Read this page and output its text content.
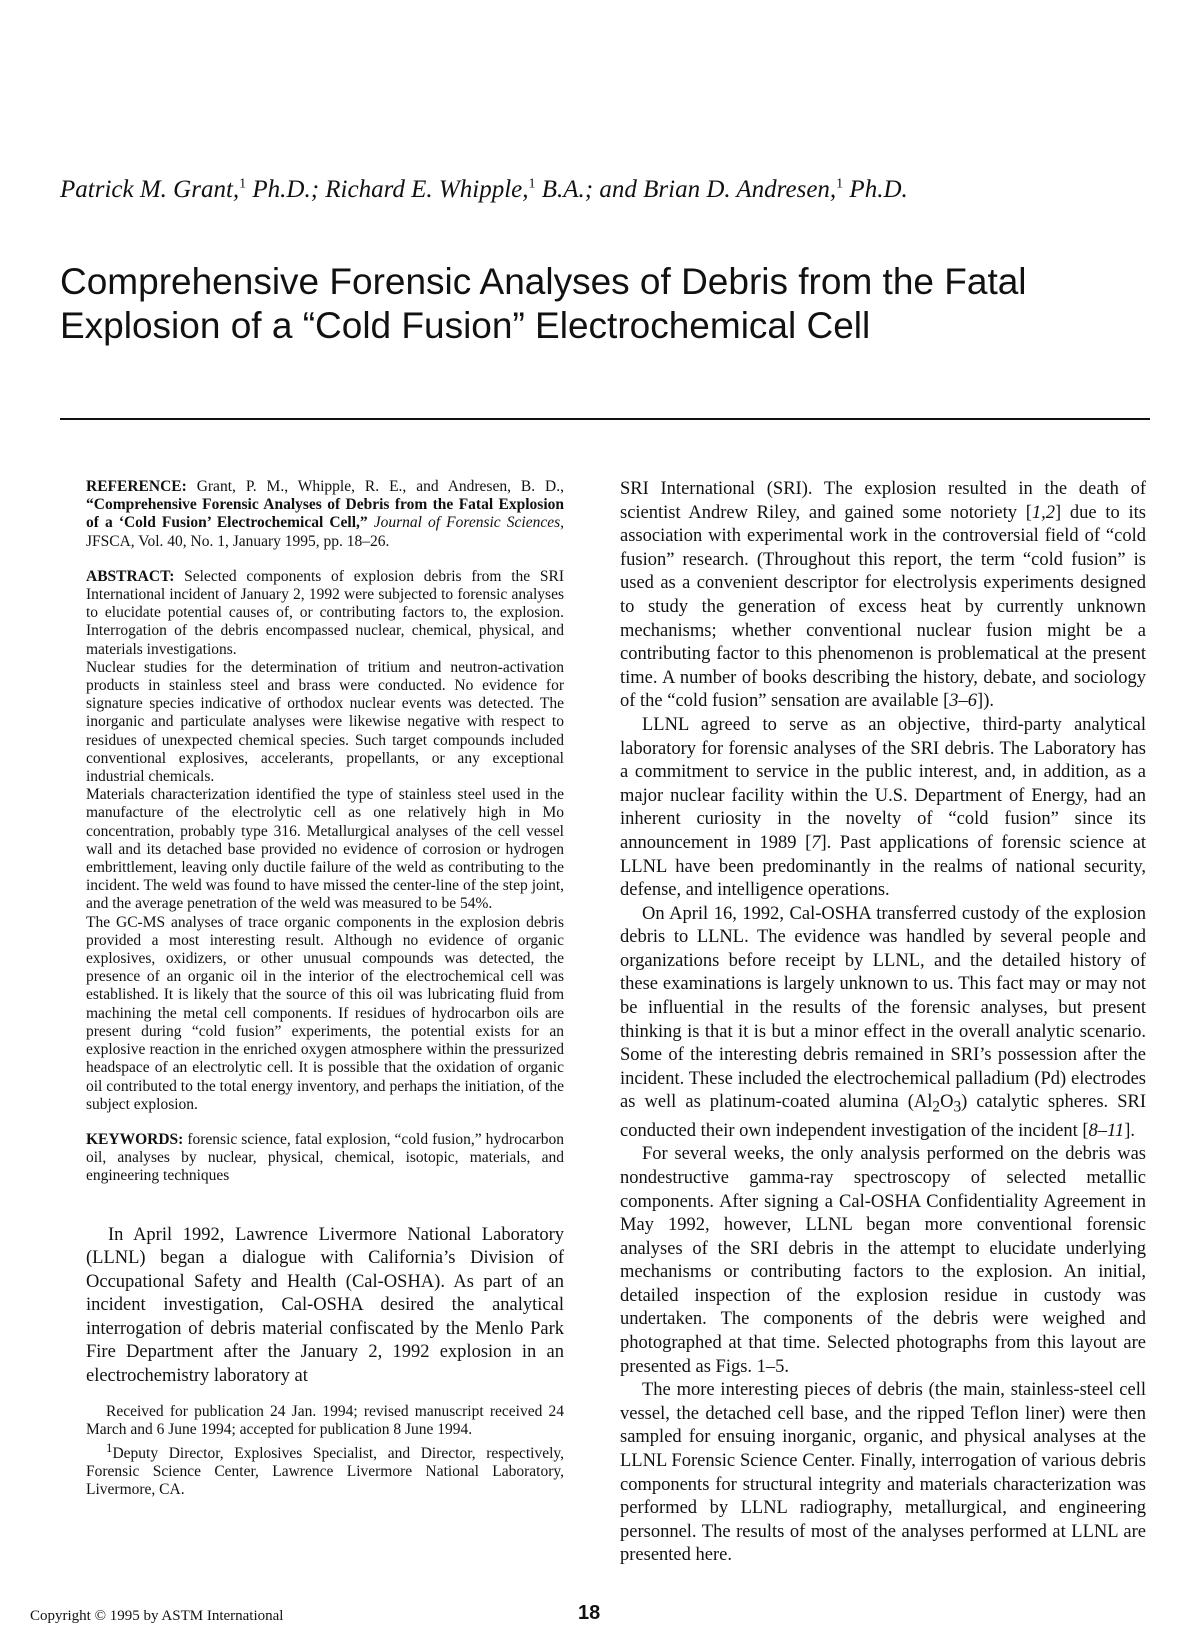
Patrick M. Grant,$^1$ Ph.D.; Richard E. Whipple,$^1$ B.A.; and Brian D. Andresen,$^1$ Ph.D.
Comprehensive Forensic Analyses of Debris from the Fatal Explosion of a “Cold Fusion” Electrochemical Cell

REFERENCE: Grant, P. M., Whipple, R. E., and Andresen, B. D., “Comprehensive Forensic Analyses of Debris from the Fatal Explosion of a ‘Cold Fusion’ Electrochemical Cell,” Journal of Forensic Sciences, JFSCA, Vol. 40, No. 1, January 1995, pp. 18–26.

ABSTRACT: Selected components of explosion debris from the SRI International incident of January 2, 1992 were subjected to forensic analyses to elucidate potential causes of, or contributing factors to, the explosion. Interrogation of the debris encompassed nuclear, chemical, physical, and materials investigations.

Nuclear studies for the determination of tritium and neutron-activation products in stainless steel and brass were conducted. No evidence for signature species indicative of orthodox nuclear events was detected. The inorganic and particulate analyses were likewise negative with respect to residues of unexpected chemical species. Such target compounds included conventional explosives, accelerants, propellants, or any exceptional industrial chemicals.

Materials characterization identified the type of stainless steel used in the manufacture of the electrolytic cell as one relatively high in Mo concentration, probably type 316. Metallurgical analyses of the cell vessel wall and its detached base provided no evidence of corrosion or hydrogen embrittlement, leaving only ductile failure of the weld as contributing to the incident. The weld was found to have missed the center-line of the step joint, and the average penetration of the weld was measured to be 54%.

The GC-MS analyses of trace organic components in the explosion debris provided a most interesting result. Although no evidence of organic explosives, oxidizers, or other unusual compounds was detected, the presence of an organic oil in the interior of the electrochemical cell was established. It is likely that the source of this oil was lubricating fluid from machining the metal cell components. If residues of hydrocarbon oils are present during “cold fusion” experiments, the potential exists for an explosive reaction in the enriched oxygen atmosphere within the pressurized headspace of an electrolytic cell. It is possible that the oxidation of organic oil contributed to the total energy inventory, and perhaps the initiation, of the subject explosion.

KEYWORDS: forensic science, fatal explosion, “cold fusion,” hydrocarbon oil, analyses by nuclear, physical, chemical, isotopic, materials, and engineering techniques

In April 1992, Lawrence Livermore National Laboratory (LLNL) began a dialogue with California’s Division of Occupational Safety and Health (Cal-OSHA). As part of an incident investigation, Cal-OSHA desired the analytical interrogation of debris material confiscated by the Menlo Park Fire Department after the January 2, 1992 explosion in an electrochemistry laboratory at

Received for publication 24 Jan. 1994; revised manuscript received 24 March and 6 June 1994; accepted for publication 8 June 1994.

$^1$Deputy Director, Explosives Specialist, and Director, respectively, Forensic Science Center, Lawrence Livermore National Laboratory, Livermore, CA.

SRI International (SRI). The explosion resulted in the death of scientist Andrew Riley, and gained some notoriety [1,2] due to its association with experimental work in the controversial field of “cold fusion” research. (Throughout this report, the term “cold fusion” is used as a convenient descriptor for electrolysis experiments designed to study the generation of excess heat by currently unknown mechanisms; whether conventional nuclear fusion might be a contributing factor to this phenomenon is problematical at the present time. A number of books describing the history, debate, and sociology of the “cold fusion” sensation are available [3–6]).

LLNL agreed to serve as an objective, third-party analytical laboratory for forensic analyses of the SRI debris. The Laboratory has a commitment to service in the public interest, and, in addition, as a major nuclear facility within the U.S. Department of Energy, had an inherent curiosity in the novelty of “cold fusion” since its announcement in 1989 [7]. Past applications of forensic science at LLNL have been predominantly in the realms of national security, defense, and intelligence operations.

On April 16, 1992, Cal-OSHA transferred custody of the explosion debris to LLNL. The evidence was handled by several people and organizations before receipt by LLNL, and the detailed history of these examinations is largely unknown to us. This fact may or may not be influential in the results of the forensic analyses, but present thinking is that it is but a minor effect in the overall analytic scenario. Some of the interesting debris remained in SRI’s possession after the incident. These included the electrochemical palladium (Pd) electrodes as well as platinum-coated alumina $(Al_2O_3)$ catalytic spheres. SRI conducted their own independent investigation of the incident [8–11].

For several weeks, the only analysis performed on the debris was nondestructive gamma-ray spectroscopy of selected metallic components. After signing a Cal-OSHA Confidentiality Agreement in May 1992, however, LLNL began more conventional forensic analyses of the SRI debris in the attempt to elucidate underlying mechanisms or contributing factors to the explosion. An initial, detailed inspection of the explosion residue in custody was undertaken. The components of the debris were weighed and photographed at that time. Selected photographs from this layout are presented as Figs. 1–5.

The more interesting pieces of debris (the main, stainless-steel cell vessel, the detached cell base, and the ripped Teflon liner) were then sampled for ensuing inorganic, organic, and physical analyses at the LLNL Forensic Science Center. Finally, interrogation of various debris components for structural integrity and materials characterization was performed by LLNL radiography, metallurgical, and engineering personnel. The results of most of the analyses performed at LLNL are presented here.

Copyright © 1995 by ASTM International	18
